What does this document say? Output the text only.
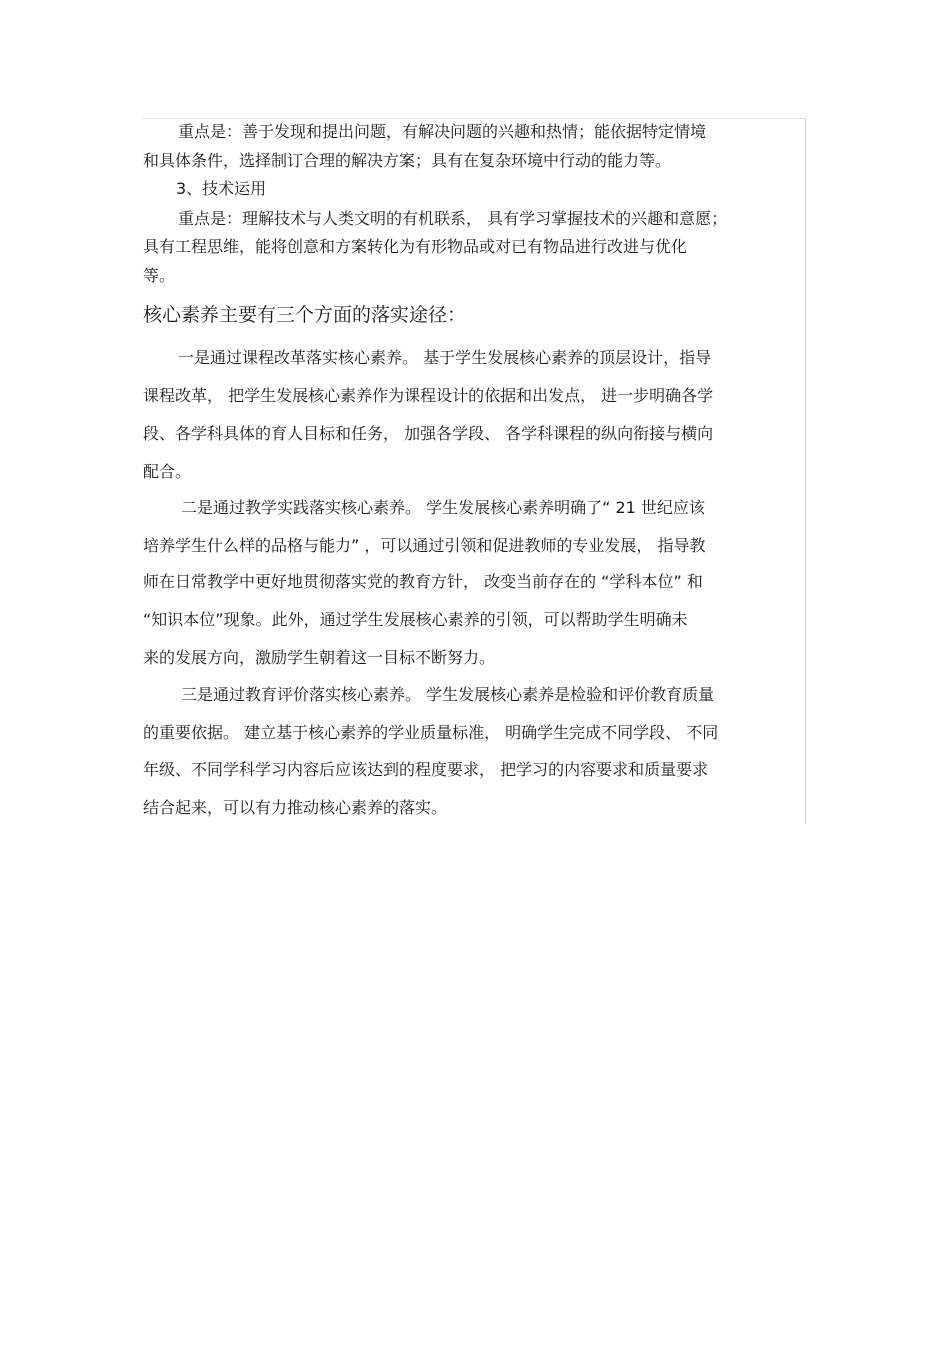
重点是：善于发现和提出问题，有解决问题的兴趣和热情；能依据特定情境
和具体条件，选择制订合理的解决方案；具有在复杂环境中行动的能力等。
3、技术运用
重点是：理解技术与人类文明的有机联系， 具有学习掌握技术的兴趣和意愿；
具有工程思维，能将创意和方案转化为有形物品或对已有物品进行改进与优化
等。
核心素养主要有三个方面的落实途径：
一是通过课程改革落实核心素养。 基于学生发展核心素养的顶层设计，指导
课程改革， 把学生发展核心素养作为课程设计的依据和出发点， 进一步明确各学
段、各学科具体的育人目标和任务， 加强各学段、 各学科课程的纵向衔接与横向
配合。
二是通过教学实践落实核心素养。 学生发展核心素养明确了“ 21 世纪应该
培养学生什么样的品格与能力” ，可以通过引领和促进教师的专业发展， 指导教
师在日常教学中更好地贯彻落实党的教育方针， 改变当前存在的 “学科本位” 和
“知识本位”现象。此外，通过学生发展核心素养的引领，可以帮助学生明确未
来的发展方向，激励学生朝着这一目标不断努力。
三是通过教育评价落实核心素养。 学生发展核心素养是检验和评价教育质量
的重要依据。 建立基于核心素养的学业质量标准， 明确学生完成不同学段、 不同
年级、不同学科学习内容后应该达到的程度要求， 把学习的内容要求和质量要求
结合起来，可以有力推动核心素养的落实。
